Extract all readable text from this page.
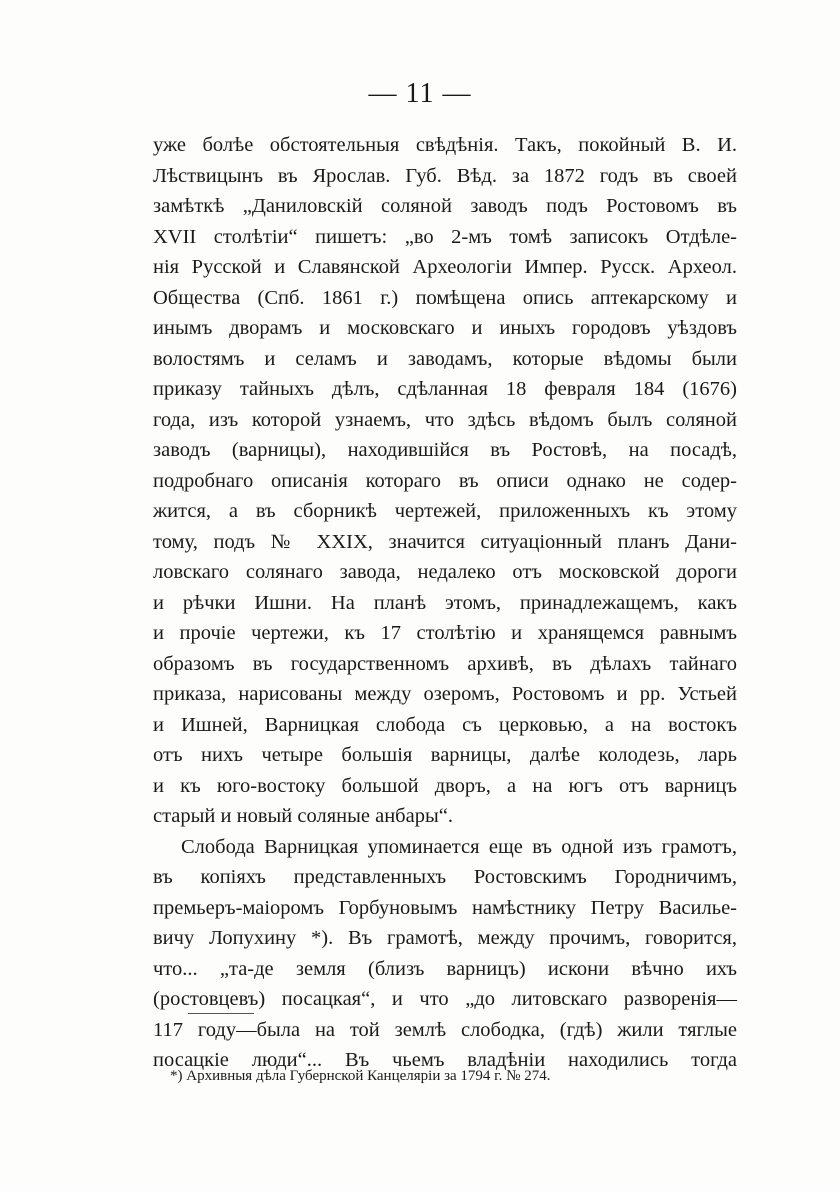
— 11 —
уже болѣе обстоятельныя свѣдѣнія. Такъ, покойный В. И.
Лѣствицынъ въ Ярослав. Губ. Вѣд. за 1872 годъ въ своей
замѣткѣ „Даниловскій соляной заводъ подъ Ростовомъ въ
XVII столѣтіи“ пишетъ: „во 2-мъ томѣ записокъ Отдѣле-
нія Русской и Славянской Археологіи Импер. Русск. Археол.
Общества (Спб. 1861 г.) помѣщена опись аптекарскому и
инымъ дворамъ и московскаго и иныхъ городовъ уѣздовъ
волостямъ и селамъ и заводамъ, которые вѣдомы были
приказу тайныхъ дѣлъ, сдѣланная 18 февраля 184 (1676)
года, изъ которой узнаемъ, что здѣсь вѣдомъ былъ соляной
заводъ (варницы), находившійся въ Ростовѣ, на посадѣ,
подробнаго описанія котораго въ описи однако не содер-
жится, а въ сборникѣ чертежей, приложенныхъ къ этому
тому, подъ № XXIX, значится ситуаціонный планъ Дани-
ловскаго солянаго завода, недалеко отъ московской дороги
и рѣчки Ишни. На планѣ этомъ, принадлежащемъ, какъ
и прочіе чертежи, къ 17 столѣтію и хранящемся равнымъ
образомъ въ государственномъ архивѣ, въ дѣлахъ тайнаго
приказа, нарисованы между озеромъ, Ростовомъ и рр. Устьей
и Ишней, Варницкая слобода съ церковью, а на востокъ
отъ нихъ четыре большія варницы, далѣе колодезь, ларь
и къ юго-востоку большой дворъ, а на югъ отъ варницъ
старый и новый соляные анбары“.
Слобода Варницкая упоминается еще въ одной изъ грамотъ,
въ копіяхъ представленныхъ Ростовскимъ Городничимъ,
премьеръ-маіоромъ Горбуновымъ намѣстнику Петру Василье-
вичу Лопухину *). Въ грамотѣ, между прочимъ, говорится,
что... „та-де земля (близъ варницъ) искони вѣчно ихъ
(ростовцевъ) посацкая“, и что „до литовскаго разворенія—
117 году—была на той землѣ слободка, (гдѣ) жили тяглые
посацкіе люди“... Въ чьемъ владѣніи находились тогда
*) Архивныя дѣла Губернской Канцеляріи за 1794 г. № 274.
